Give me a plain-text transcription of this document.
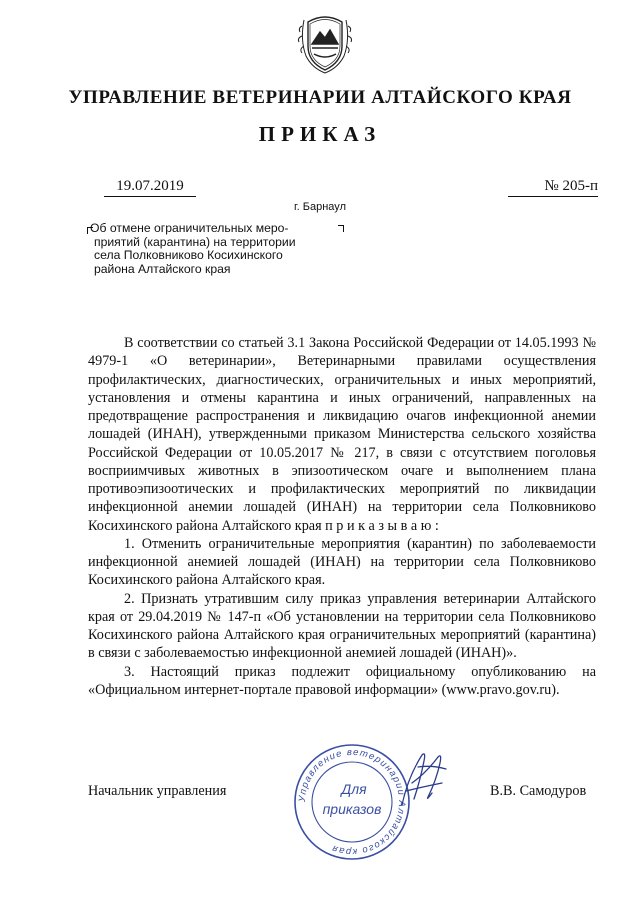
УПРАВЛЕНИЕ ВЕТЕРИНАРИИ АЛТАЙСКОГО КРАЯ
ПРИКАЗ
19.07.2019	№ 205-п
г. Барнаул
Об отмене ограничительных меро-
приятий (карантина) на территории
села Полковниково Косихинского
района Алтайского края

В соответствии со статьей 3.1 Закона Российской Федерации от 14.05.1993 № 4979-1 «О ветеринарии», Ветеринарными правилами осуществления профилактических, диагностических, ограничительных и иных мероприятий, установления и отмены карантина и иных ограничений, направленных на предотвращение распространения и ликвидацию очагов инфекционной анемии лошадей (ИНАН), утвержденными приказом Министерства сельского хозяйства Российской Федерации от 10.05.2017 № 217, в связи с отсутствием поголовья восприимчивых животных в эпизоотическом очаге и выполнением плана противоэпизоотических и профилактических мероприятий по ликвидации инфекционной анемии лошадей (ИНАН) на территории села Полковниково Косихинского района Алтайского края п р и к а з ы в а ю :

1. Отменить ограничительные мероприятия (карантин) по заболеваемости инфекционной анемией лошадей (ИНАН) на территории села Полковниково Косихинского района Алтайского края.

2. Признать утратившим силу приказ управления ветеринарии Алтайского края от 29.04.2019 № 147-п «Об установлении на территории села Полковниково Косихинского района Алтайского края ограничительных мероприятий (карантина) в связи с заболеваемостью инфекционной анемией лошадей (ИНАН)».

3. Настоящий приказ подлежит официальному опубликованию на «Официальном интернет-портале правовой информации» (www.pravo.gov.ru).

Начальник управления	В.В. Самодуров
Управление ветеринарии Алтайского края
Для
приказов
